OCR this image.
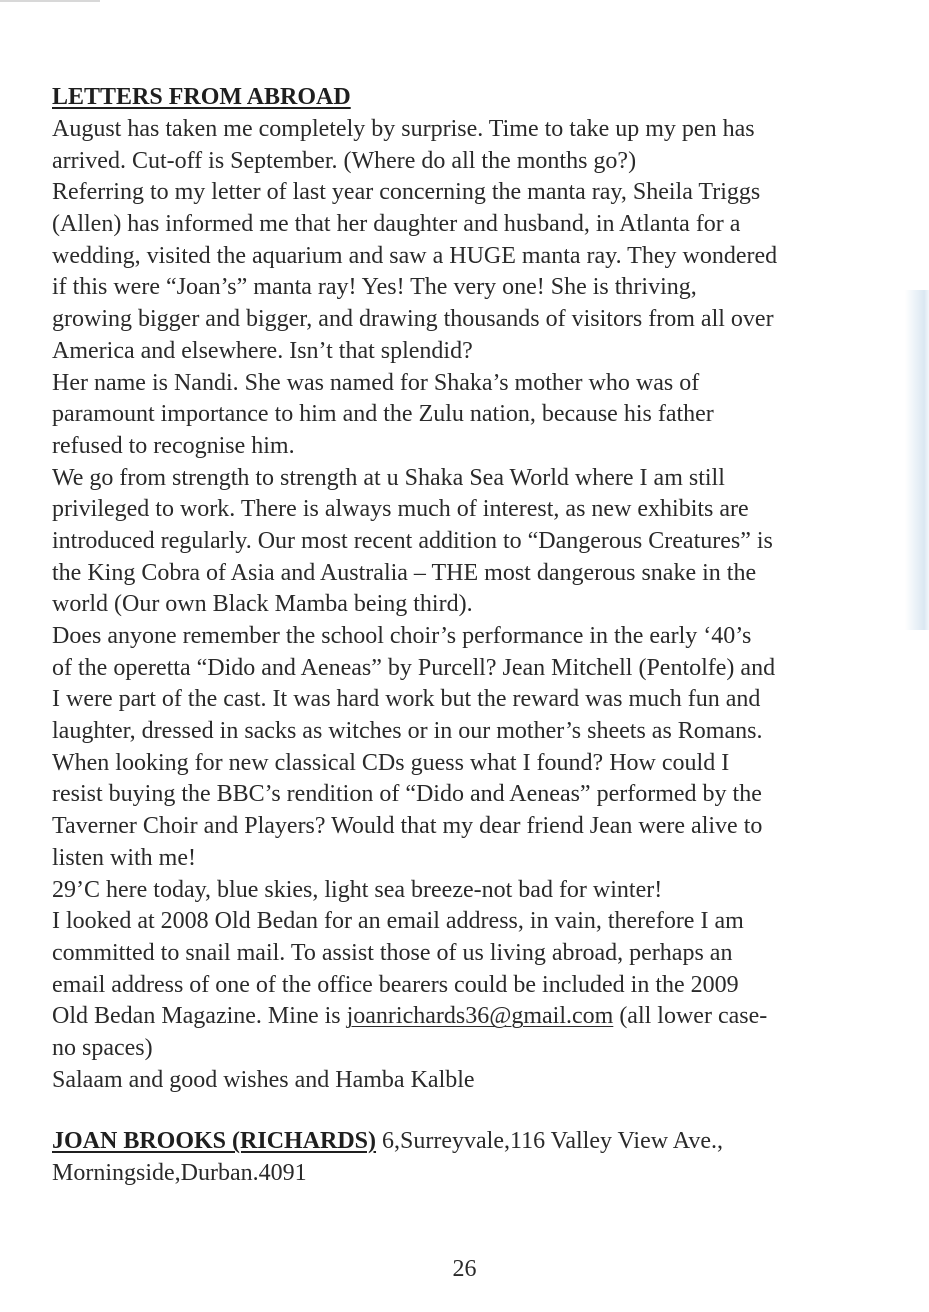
LETTERS FROM ABROAD
August has taken me completely by surprise. Time to take up my pen has
arrived. Cut-off is September. (Where do all the months go?)
Referring to my letter of last year concerning the manta ray, Sheila Triggs
(Allen) has informed me that her daughter and husband, in Atlanta for a
wedding, visited the aquarium and saw a HUGE manta ray. They wondered
if this were “Joan’s” manta ray! Yes! The very one! She is thriving,
growing bigger and bigger, and drawing thousands of visitors from all over
America and elsewhere. Isn’t that splendid?
Her name is Nandi. She was named for Shaka’s mother who was of
paramount importance to him and the Zulu nation, because his father
refused to recognise him.
We go from strength to strength at u Shaka Sea World where I am still
privileged to work. There is always much of interest, as new exhibits are
introduced regularly. Our most recent addition to “Dangerous Creatures” is
the King Cobra of Asia and Australia – THE most dangerous snake in the
world (Our own Black Mamba being third).
Does anyone remember the school choir’s performance in the early ‘40’s
of the operetta “Dido and Aeneas” by Purcell? Jean Mitchell (Pentolfe) and
I were part of the cast. It was hard work but the reward was much fun and
laughter, dressed in sacks as witches or in our mother’s sheets as Romans.
When looking for new classical CDs guess what I found? How could I
resist buying the BBC’s rendition of “Dido and Aeneas” performed by the
Taverner Choir and Players? Would that my dear friend Jean were alive to
listen with me!
29’C here today, blue skies, light sea breeze-not bad for winter!
I looked at 2008 Old Bedan for an email address, in vain, therefore I am
committed to snail mail. To assist those of us living abroad, perhaps an
email address of one of the office bearers could be included in the 2009
Old Bedan Magazine. Mine is joanrichards36@gmail.com (all lower case-
no spaces)
Salaam and good wishes and Hamba Kalble
JOAN BROOKS (RICHARDS) 6,Surreyvale,116 Valley View Ave.,
Morningside,Durban.4091
26
